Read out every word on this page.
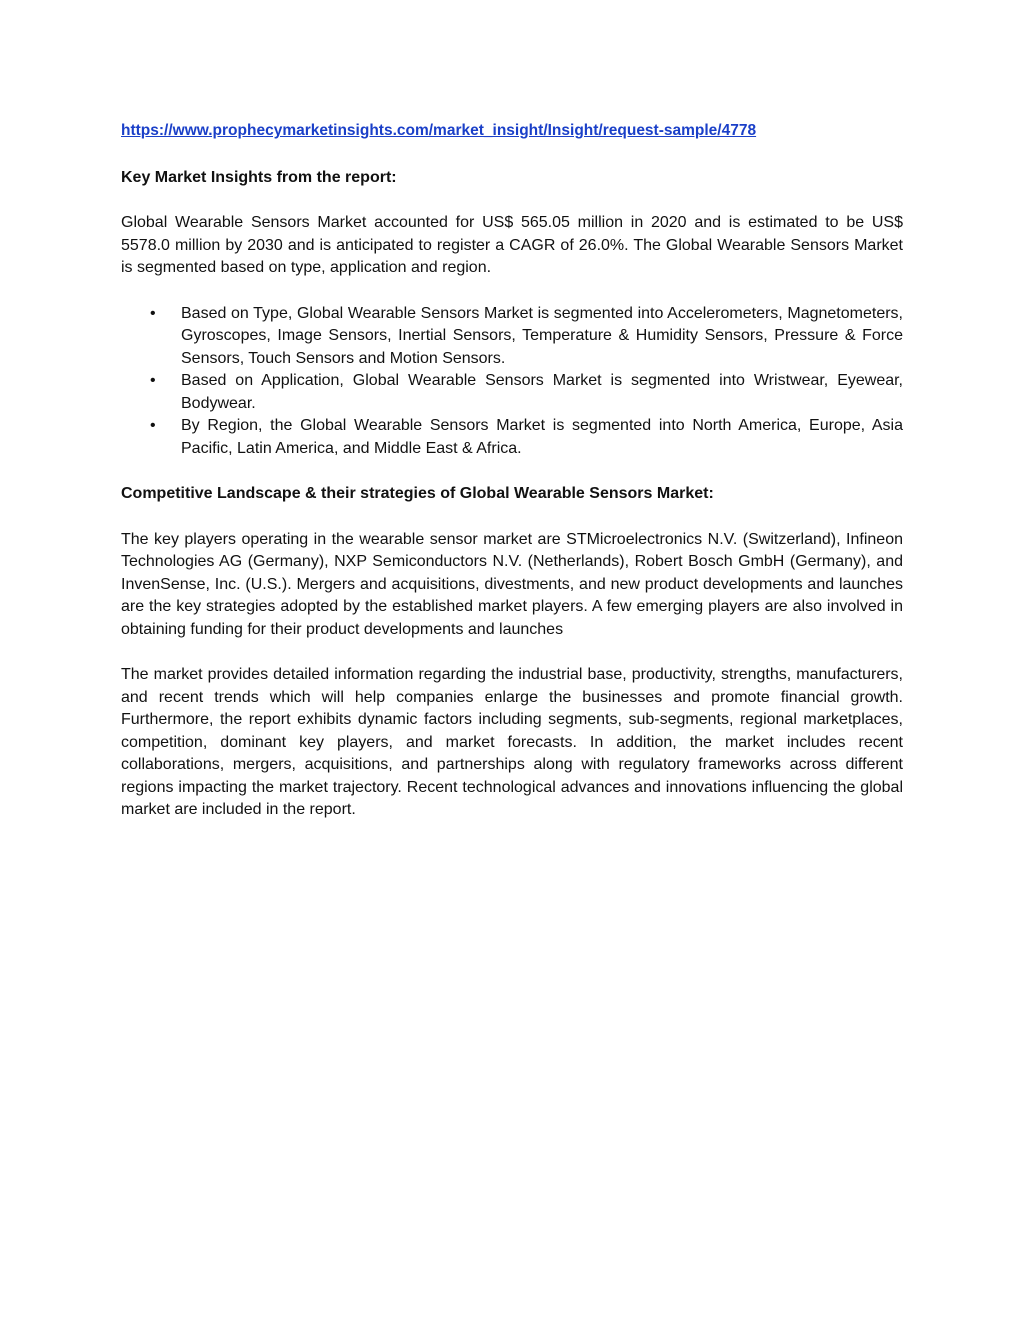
https://www.prophecymarketinsights.com/market_insight/Insight/request-sample/4778
Key Market Insights from the report:
Global Wearable Sensors Market accounted for US$ 565.05 million in 2020 and is estimated to be US$ 5578.0 million by 2030 and is anticipated to register a CAGR of 26.0%. The Global Wearable Sensors Market is segmented based on type, application and region.
• Based on Type, Global Wearable Sensors Market is segmented into Accelerometers, Magnetometers, Gyroscopes, Image Sensors, Inertial Sensors, Temperature & Humidity Sensors, Pressure & Force Sensors, Touch Sensors and Motion Sensors.
• Based on Application, Global Wearable Sensors Market is segmented into Wristwear, Eyewear, Bodywear.
• By Region, the Global Wearable Sensors Market is segmented into North America, Europe, Asia Pacific, Latin America, and Middle East & Africa.
Competitive Landscape & their strategies of Global Wearable Sensors Market:
The key players operating in the wearable sensor market are STMicroelectronics N.V. (Switzerland), Infineon Technologies AG (Germany), NXP Semiconductors N.V. (Netherlands), Robert Bosch GmbH (Germany), and InvenSense, Inc. (U.S.). Mergers and acquisitions, divestments, and new product developments and launches are the key strategies adopted by the established market players. A few emerging players are also involved in obtaining funding for their product developments and launches
The market provides detailed information regarding the industrial base, productivity, strengths, manufacturers, and recent trends which will help companies enlarge the businesses and promote financial growth. Furthermore, the report exhibits dynamic factors including segments, sub-segments, regional marketplaces, competition, dominant key players, and market forecasts. In addition, the market includes recent collaborations, mergers, acquisitions, and partnerships along with regulatory frameworks across different regions impacting the market trajectory. Recent technological advances and innovations influencing the global market are included in the report.
